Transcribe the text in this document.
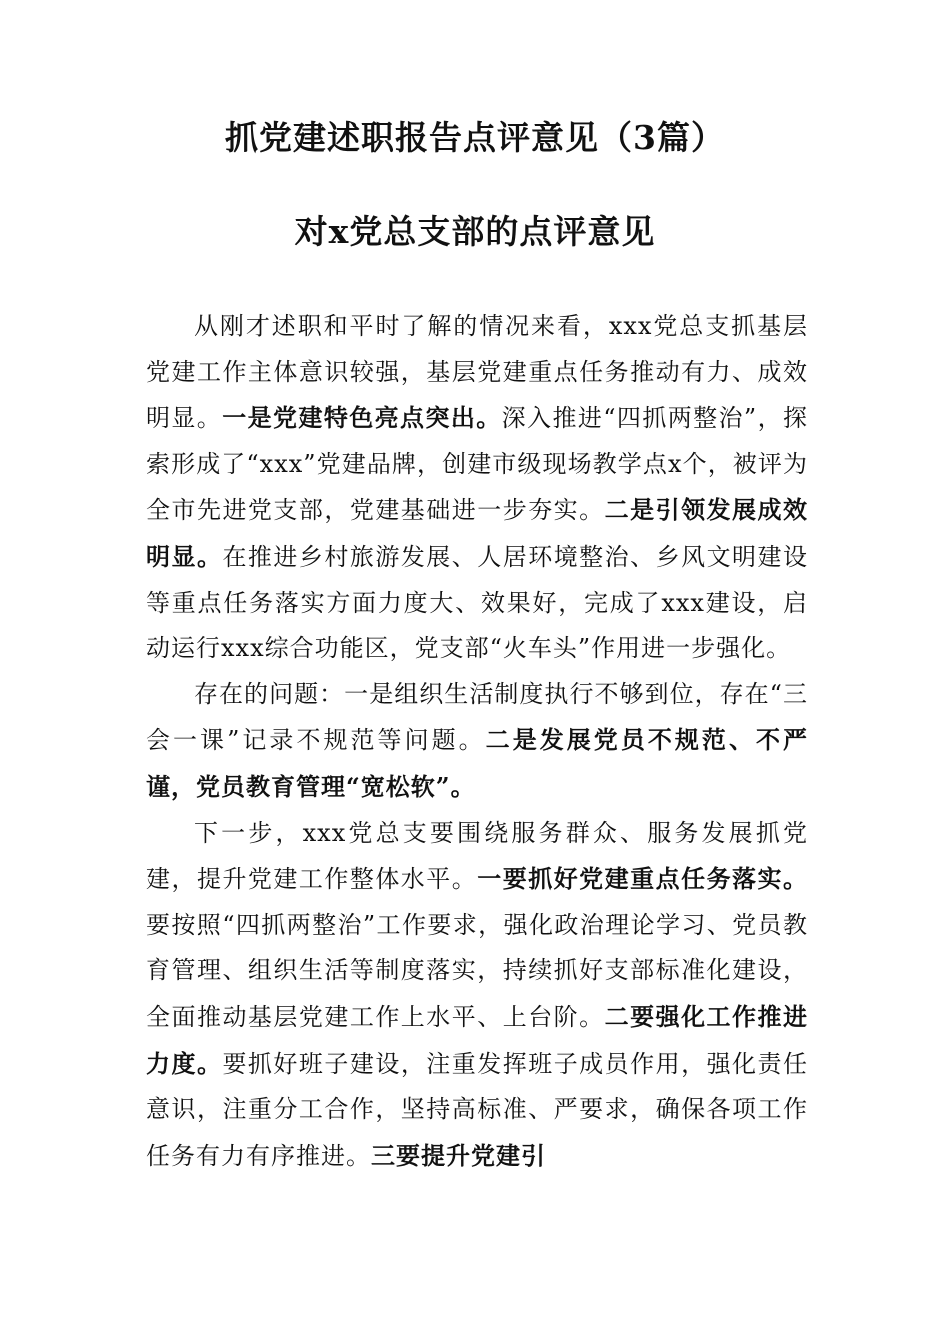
抓党建述职报告点评意见（3篇）
对x党总支部的点评意见

从刚才述职和平时了解的情况来看，xxx党总支抓基层党建工作主体意识较强，基层党建重点任务推动有力、成效明显。一是党建特色亮点突出。深入推进“四抓两整治”，探索形成了“xxx”党建品牌，创建市级现场教学点x个，被评为全市先进党支部，党建基础进一步夯实。二是引领发展成效明显。在推进乡村旅游发展、人居环境整治、乡风文明建设等重点任务落实方面力度大、效果好，完成了xxx建设，启动运行xxx综合功能区，党支部“火车头”作用进一步强化。

存在的问题：一是组织生活制度执行不够到位，存在“三会一课”记录不规范等问题。二是发展党员不规范、不严谨，党员教育管理“宽松软”。

下一步，xxx党总支要围绕服务群众、服务发展抓党建，提升党建工作整体水平。一要抓好党建重点任务落实。要按照“四抓两整治”工作要求，强化政治理论学习、党员教育管理、组织生活等制度落实，持续抓好支部标准化建设，全面推动基层党建工作上水平、上台阶。二要强化工作推进力度。要抓好班子建设，注重发挥班子成员作用，强化责任意识，注重分工合作，坚持高标准、严要求，确保各项工作任务有力有序推进。三要提升党建引
